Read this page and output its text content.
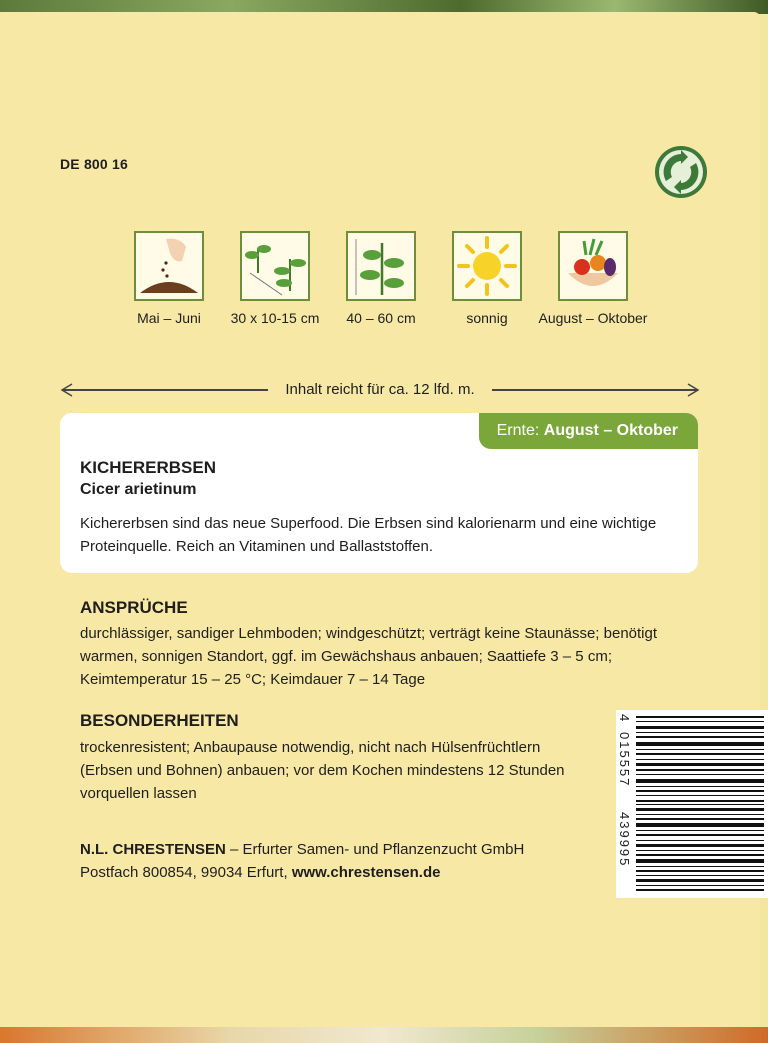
DE 800 16
Mai – Juni	30 x 10-15 cm	40 – 60 cm	sonnig	August – Oktober
Inhalt reicht für ca. 12 lfd. m.
Ernte: August – Oktober
KICHERERBSEN
Cicer arietinum
Kichererbsen sind das neue Superfood. Die Erbsen sind kalorienarm und eine wichtige Proteinquelle. Reich an Vitaminen und Ballaststoffen.
ANSPRÜCHE
durchlässiger, sandiger Lehmboden; windgeschützt; verträgt keine Staunässe; benötigt warmen, sonnigen Standort, ggf. im Gewächshaus anbauen; Saattiefe 3 – 5 cm; Keimtemperatur 15 – 25 °C; Keimdauer 7 – 14 Tage
BESONDERHEITEN
trockenresistent; Anbaupause notwendig, nicht nach Hülsenfrüchtlern (Erbsen und Bohnen) anbauen; vor dem Kochen mindestens 12 Stunden vorquellen lassen
N.L. CHRESTENSEN – Erfurter Samen- und Pflanzenzucht GmbH
Postfach 800854, 99034 Erfurt, www.chrestensen.de
4
015557
439995
